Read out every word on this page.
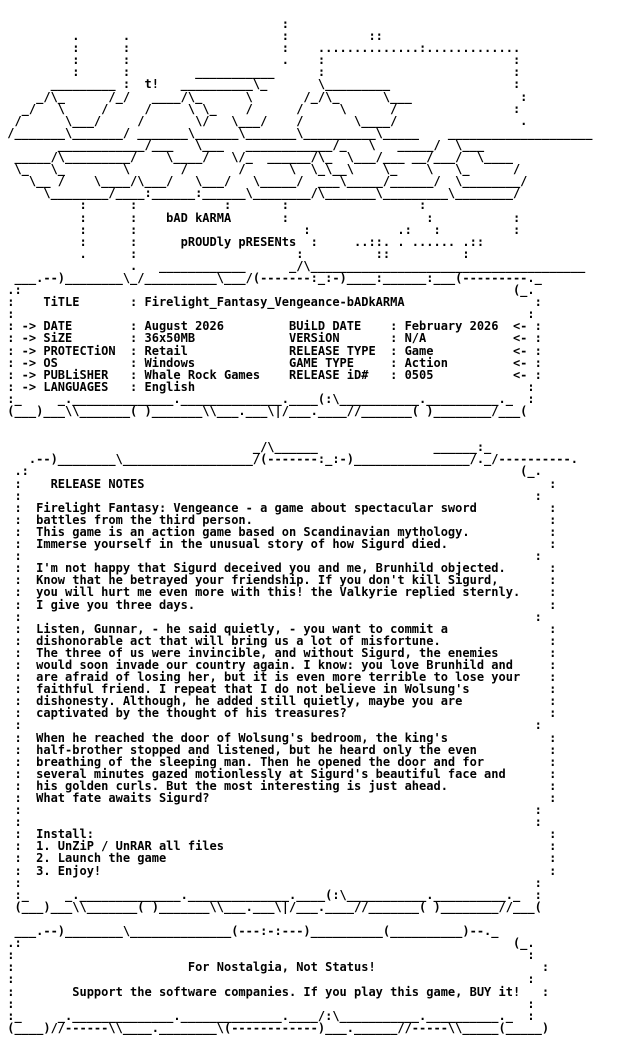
:
.      .                     :           ::
:      :                     :    ..............:.............
:      :                     .    :                          :
:      :         ___________      :                          :
_________ :  t!   __________\_       \_________                 :
_/\_      /_/   ____/\_      \       /_/\_      \___               :
_/   \     /     /     \ \_    /      /     \      /                :
/      \___/     /       \/   \___/    /       \____/                 .
/_______\_______/ _______\______\_______\__________\_____    ____________________
____________/___   \___   ____________/_   \   _____/  \___
_____/\_________/    \____/   \/_  ______/\_  \___/___ __/___/  \____
\_   \_        \       /       /      \  \_\__\    \_    \   \_      /
\__ /    \____/\___/   \___/   \_____/  ___\_____/______/  \________/
\________/____:______:______\________/\_______\_________\________/
:      :            :       :                  :
:      :    bAD kARMA       :                   :           :
:      :                       :            .:   :          :
:      :      pROUDly pRESENts  :     ..::. . ...... .::
.      :                      :          ::          :
.   ____________      _/\______________________________________
___.--)________\_/__________\___/(-------:_:-)____:______:___(---------._
.:                                                                    (_.
:    TiTLE       : Firelight_Fantasy_Vengeance-bADkARMA                  :
:                                                                       :
: -> DATE        : August 2026         BUiLD DATE    : February 2026  <- :
: -> SiZE        : 36x50MB             VERSiON       : N/A            <- :
: -> PROTECTiON  : Retail              RELEASE TYPE  : Game           <- :
: -> OS          : Windows             GAME TYPE     : Action         <- :
: -> PUBLiSHER   : Whale Rock Games    RELEASE iD#   : 0505           <- :
: -> LANGUAGES   : English                                              :
:_     _.______________.______________.____(:\___________.__________._  :
(___)___\\_______( )_______\\___.___\|/___.____//_______( )________/___(

_/\______                ______:_
.--)________\__________________/(-------:_:-)________________/._/----------.
.:                                                                    (_.
:    RELEASE NOTES                                                        :
:                                                                       :
:  Firelight Fantasy: Vengeance - a game about spectacular sword          :
:  battles from the third person.                                         :
:  This game is an action game based on Scandinavian mythology.           :
:  Immerse yourself in the unusual story of how Sigurd died.              :
:                                                                       :
:  I'm not happy that Sigurd deceived you and me, Brunhild objected.      :
:  Know that he betrayed your friendship. If you don't kill Sigurd,       :
:  you will hurt me even more with this! the Valkyrie replied sternly.    :
:  I give you three days.                                                 :
:                                                                       :
:  Listen, Gunnar, - he said quietly, - you want to commit a              :
:  dishonorable act that will bring us a lot of misfortune.               :
:  The three of us were invincible, and without Sigurd, the enemies       :
:  would soon invade our country again. I know: you love Brunhild and     :
:  are afraid of losing her, but it is even more terrible to lose your    :
:  faithful friend. I repeat that I do not believe in Wolsung's           :
:  dishonesty. Although, he added still quietly, maybe you are            :
:  captivated by the thought of his treasures?                            :
:                                                                       :
:  When he reached the door of Wolsung's bedroom, the king's              :
:  half-brother stopped and listened, but he heard only the even          :
:  breathing of the sleeping man. Then he opened the door and for         :
:  several minutes gazed motionlessly at Sigurd's beautiful face and      :
:  his golden curls. But the most interesting is just ahead.              :
:  What fate awaits Sigurd?                                               :
:                                                                       :
:                                                                       :
:  Install:                                                               :
:  1. UnZiP / UnRAR all files                                             :
:  2. Launch the game                                                     :
:  3. Enjoy!                                                              :
:                                                                       :
:_     _.______________.______________.____(:\___________.__________._  :
(___)___\\_______( )_______\\___.___\|/___.____//_______( )________//___(

___.--)________\______________(---:-:---)__________(__________)--._
.:                                                                    (_.
:                                                                       :
:                        For Nostalgia, Not Status!                       :
:                                                                       :
:        Support the software companies. If you play this game, BUY it!   :
:                                                                       :
:_     _.______________.______________.____/:\___________.__________._  :
(____)//------\\____.________\(------------)___.______//-----\\_____(_____)
